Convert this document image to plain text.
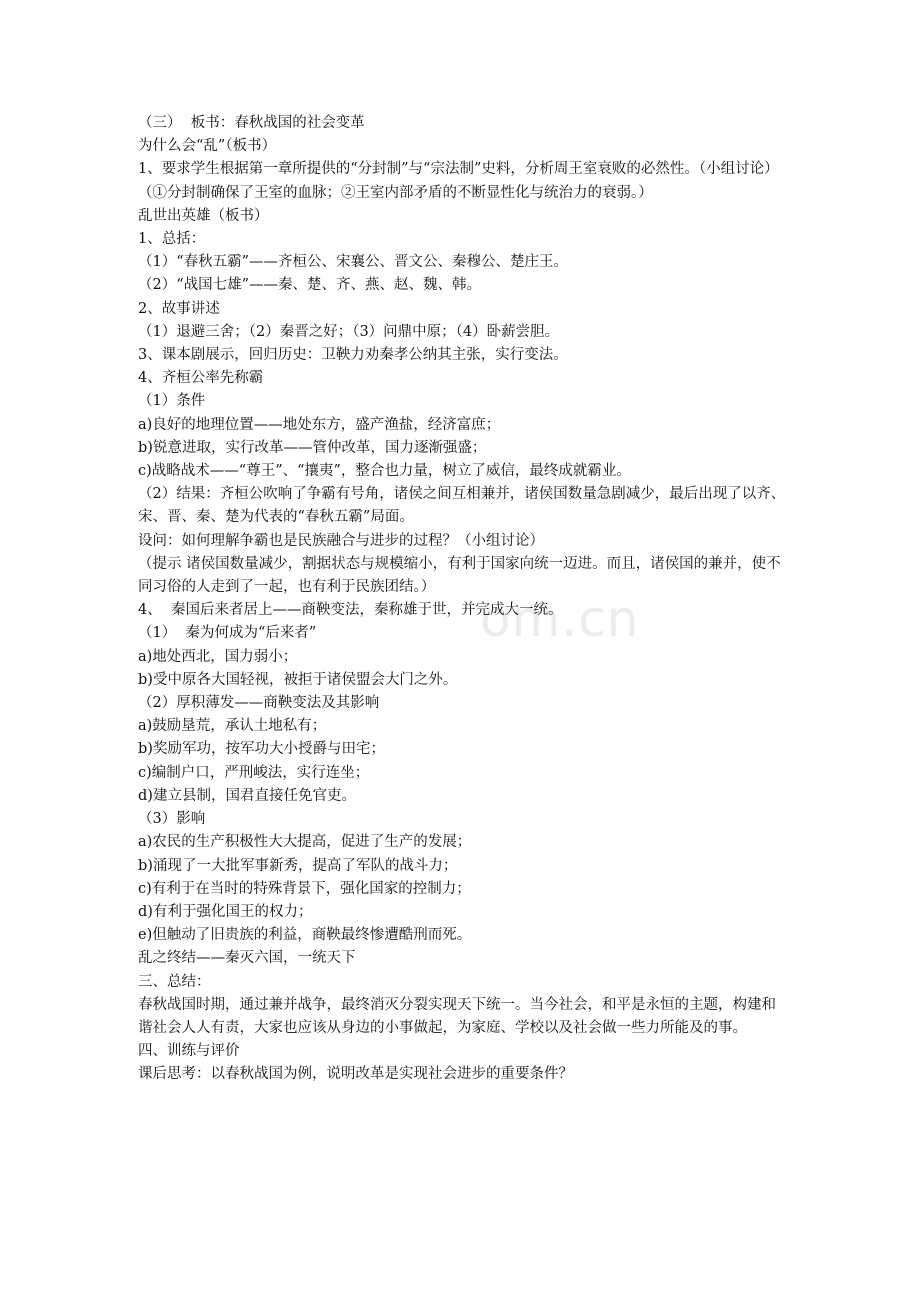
om.cn
（三）  板书：春秋战国的社会变革
为什么会“乱”（板书）
1、要求学生根据第一章所提供的“分封制”与“宗法制”史料，分析周王室衰败的必然性。（小组讨论）
（①分封制确保了王室的血脉；②王室内部矛盾的不断显性化与统治力的衰弱。）
乱世出英雄（板书）
1、总括：
（1）“春秋五霸”——齐桓公、宋襄公、晋文公、秦穆公、楚庄王。
（2）“战国七雄”——秦、楚、齐、燕、赵、魏、韩。
2、故事讲述
（1）退避三舍；（2）秦晋之好；（3）问鼎中原；（4）卧薪尝胆。
3、课本剧展示，回归历史：卫鞅力劝秦孝公纳其主张，实行变法。
4、齐桓公率先称霸
（1）条件
a)良好的地理位置——地处东方，盛产渔盐，经济富庶；
b)锐意进取，实行改革——管仲改革，国力逐渐强盛；
c)战略战术——“尊王”、“攘夷”，整合也力量，树立了威信，最终成就霸业。
（2）结果：齐桓公吹响了争霸有号角，诸侯之间互相兼并，诸侯国数量急剧减少，最后出现了以齐、宋、晋、秦、楚为代表的“春秋五霸”局面。
设问：如何理解争霸也是民族融合与进步的过程？（小组讨论）
（提示 诸侯国数量减少，割据状态与规模缩小，有利于国家向统一迈进。而且，诸侯国的兼并，使不同习俗的人走到了一起，也有利于民族团结。）
4、  秦国后来者居上——商鞅变法，秦称雄于世，并完成大一统。
（1）  秦为何成为“后来者”
a)地处西北，国力弱小；
b)受中原各大国轻视，被拒于诸侯盟会大门之外。
（2）厚积薄发——商鞅变法及其影响
a)鼓励垦荒，承认土地私有；
b)奖励军功，按军功大小授爵与田宅；
c)编制户口，严刑峻法，实行连坐；
d)建立县制，国君直接任免官吏。
（3）影响
a)农民的生产积极性大大提高，促进了生产的发展；
b)涌现了一大批军事新秀，提高了军队的战斗力；
c)有利于在当时的特殊背景下，强化国家的控制力；
d)有利于强化国王的权力；
e)但触动了旧贵族的利益，商鞅最终惨遭酷刑而死。
乱之终结——秦灭六国，一统天下
三、总结：
春秋战国时期，通过兼并战争，最终消灭分裂实现天下统一。当今社会，和平是永恒的主题，构建和谐社会人人有责，大家也应该从身边的小事做起，为家庭、学校以及社会做一些力所能及的事。
四、训练与评价
课后思考：以春秋战国为例，说明改革是实现社会进步的重要条件？
